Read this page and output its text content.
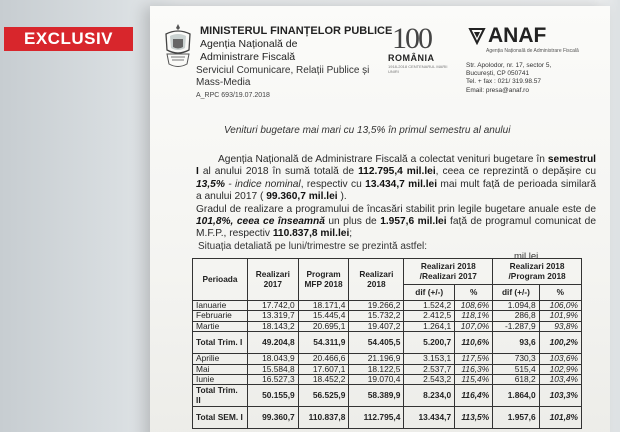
EXCLUSIV	MINISTERUL FINANȚELOR PUBLICE
Agenția Națională de Administrare Fiscală
Serviciul Comunicare, Relații Publice și Mass-Media
A_RPC 693/19.07.2018
100
ROMÂNIA
1918-2018 CENTENARUL MARII UNIRI
ANAF
Agenția Națională de Administrare Fiscală
Str. Apolodor, nr. 17, sector 5,
București, CP 050741
Tel. + fax : 021/ 319.98.57
Email: presa@anaf.ro
Venituri bugetare mai mari cu 13,5% în primul semestru al anului

Agenția Națională de Administrare Fiscală a colectat venituri bugetare în semestrul I al anului 2018 în sumă totală de 112.795,4 mil.lei, ceea ce reprezintă o depășire cu 13,5% - indice nominal, respectiv cu 13.434,7 mil.lei mai mult față de perioada similară a anului 2017 ( 99.360,7 mil.lei ).

Gradul de realizare a programului de încasări stabilit prin legile bugetare anuale este de 101,8%, ceea ce înseamnă un plus de 1.957,6 mil.lei față de programul comunicat de M.F.P., respectiv 110.837,8 mil.lei;

Situația detaliată pe luni/trimestre se prezintă astfel:
mil.lei
Perioada	Realizari 2017	Program MFP 2018	Realizari 2018	Realizari 2018 /Realizari 2017		Realizari 2018 /Program 2018	
				dif (+/-)	%	dif (+/-)	%
Ianuarie	17.742,0	18.171,4	19.266,2	1.524,2	108,6%	1.094,8	106,0%
Februarie	13.319,7	15.445,4	15.732,2	2.412,5	118,1%	286,8	101,9%
Martie	18.143,2	20.695,1	19.407,2	1.264,1	107,0%	-1.287,9	93,8%
Total Trim. I	49.204,8	54.311,9	54.405,5	5.200,7	110,6%	93,6	100,2%
Aprilie	18.043,9	20.466,6	21.196,9	3.153,1	117,5%	730,3	103,6%
Mai	15.584,8	17.607,1	18.122,5	2.537,7	116,3%	515,4	102,9%
Iunie	16.527,3	18.452,2	19.070,4	2.543,2	115,4%	618,2	103,4%
Total Trim. II	50.155,9	56.525,9	58.389,9	8.234,0	116,4%	1.864,0	103,3%
Total SEM. I	99.360,7	110.837,8	112.795,4	13.434,7	113,5%	1.957,6	101,8%
